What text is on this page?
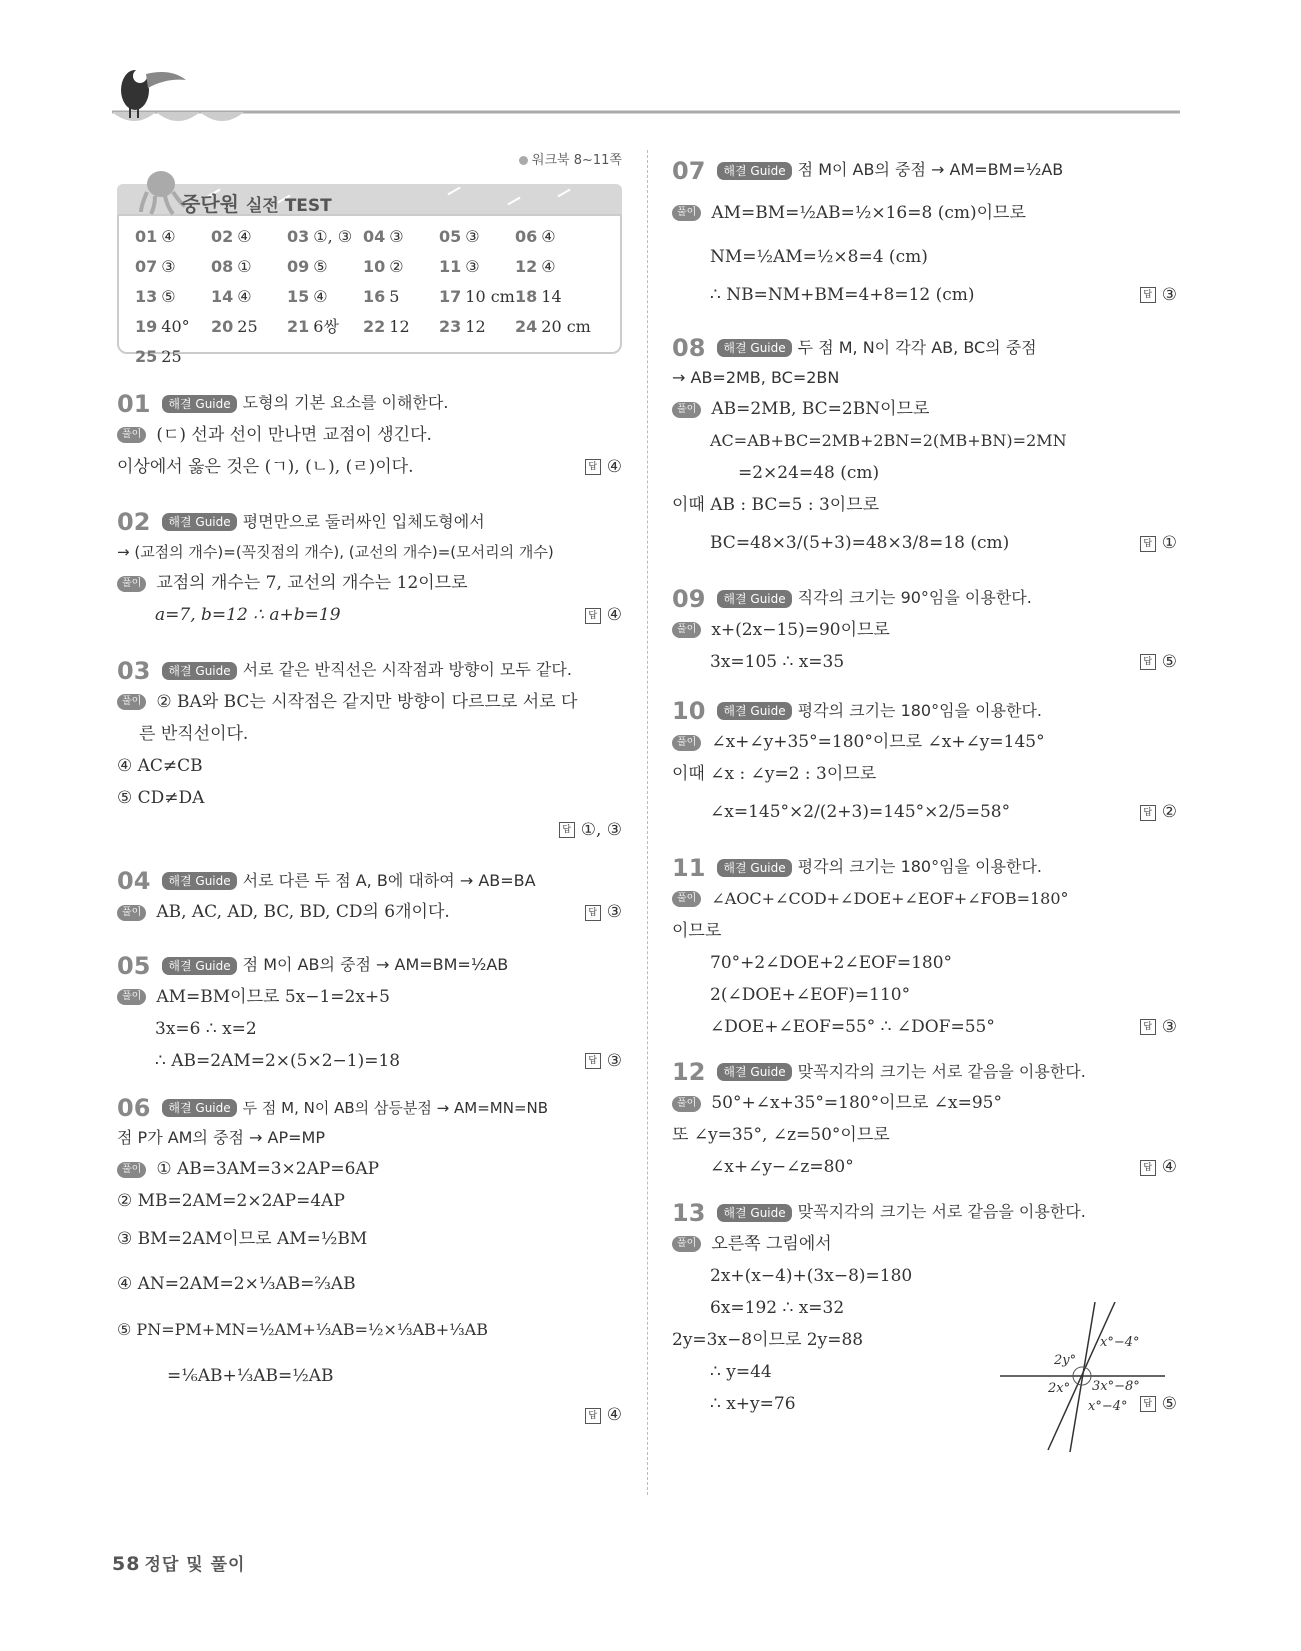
워크북 8~11쪽
중단원 실전 TEST
01 ④	02 ④	03 ①, ③ 04 ③	05 ③	06 ④
07 ③	08 ①	09 ⑤	10 ②	11 ③	12 ④
13 ⑤	14 ④	15 ④	16 5	17 10 cm 18 14
19 40°	20 25	21 6쌍	22 12	23 12	24 20 cm
25 25
01 해결 Guide 도형의 기본 요소를 이해한다.
풀이 (ㄷ) 선과 선이 만나면 교점이 생긴다.
이상에서 옳은 것은 (ㄱ), (ㄴ), (ㄹ)이다.	답 ④
02 해결 Guide 평면만으로 둘러싸인 입체도형에서
→ (교점의 개수)=(꼭짓점의 개수), (교선의 개수)=(모서리의 개수)
풀이 교점의 개수는 7, 교선의 개수는 12이므로
a=7, b=12 ∴ a+b=19	답 ④
03 해결 Guide 서로 같은 반직선은 시작점과 방향이 모두 같다.
풀이 ② BA와 BC는 시작점은 같지만 방향이 다르므로 서로 다
른 반직선이다.
④ AC≠CB
⑤ CD≠DA
답 ①, ③
04 해결 Guide 서로 다른 두 점 A, B에 대하여 → AB=BA
풀이 AB, AC, AD, BC, BD, CD의 6개이다.	답 ③
05 해결 Guide 점 M이 AB의 중점 → AM=BM=½AB
풀이 AM=BM이므로 5x−1=2x+5
3x=6 ∴ x=2
∴ AB=2AM=2×(5×2−1)=18	답 ③
06 해결 Guide 두 점 M, N이 AB의 삼등분점 → AM=MN=NB
점 P가 AM의 중점 → AP=MP
풀이 ① AB=3AM=3×2AP=6AP
② MB=2AM=2×2AP=4AP
③ BM=2AM이므로 AM=½BM
④ AN=2AM=2×⅓AB=⅔AB
⑤ PN=PM+MN=½AM+⅓AB=½×⅓AB+⅓AB
=⅙AB+⅓AB=½AB
답 ④
07 해결 Guide 점 M이 AB의 중점 → AM=BM=½AB
풀이 AM=BM=½AB=½×16=8 (cm)이므로
NM=½AM=½×8=4 (cm)
∴ NB=NM+BM=4+8=12 (cm)	답 ③
08 해결 Guide 두 점 M, N이 각각 AB, BC의 중점
→ AB=2MB, BC=2BN
풀이 AB=2MB, BC=2BN이므로
AC=AB+BC=2MB+2BN=2(MB+BN)=2MN
=2×24=48 (cm)
이때 AB : BC=5 : 3이므로
BC=48×3/(5+3)=48×3/8=18 (cm)	답 ①
09 해결 Guide 직각의 크기는 90°임을 이용한다.
풀이 x+(2x−15)=90이므로
3x=105 ∴ x=35	답 ⑤
10 해결 Guide 평각의 크기는 180°임을 이용한다.
풀이 ∠x+∠y+35°=180°이므로 ∠x+∠y=145°
이때 ∠x : ∠y=2 : 3이므로
∠x=145°×2/(2+3)=145°×2/5=58°	답 ②
11 해결 Guide 평각의 크기는 180°임을 이용한다.
풀이 ∠AOC+∠COD+∠DOE+∠EOF+∠FOB=180°
이므로
70°+2∠DOE+2∠EOF=180°
2(∠DOE+∠EOF)=110°
∠DOE+∠EOF=55° ∴ ∠DOF=55°	답 ③
12 해결 Guide 맞꼭지각의 크기는 서로 같음을 이용한다.
풀이 50°+∠x+35°=180°이므로 ∠x=95°
또 ∠y=35°, ∠z=50°이므로
∠x+∠y−∠z=80°	답 ④
13 해결 Guide 맞꼭지각의 크기는 서로 같음을 이용한다.
풀이 오른쪽 그림에서
2x+(x−4)+(3x−8)=180
6x=192 ∴ x=32
2y=3x−8이므로 2y=88
∴ y=44
∴ x+y=76	답 ⑤
x°−4°
2y°
2x° 3x°−8°
x°−4°
58 정답 및 풀이
